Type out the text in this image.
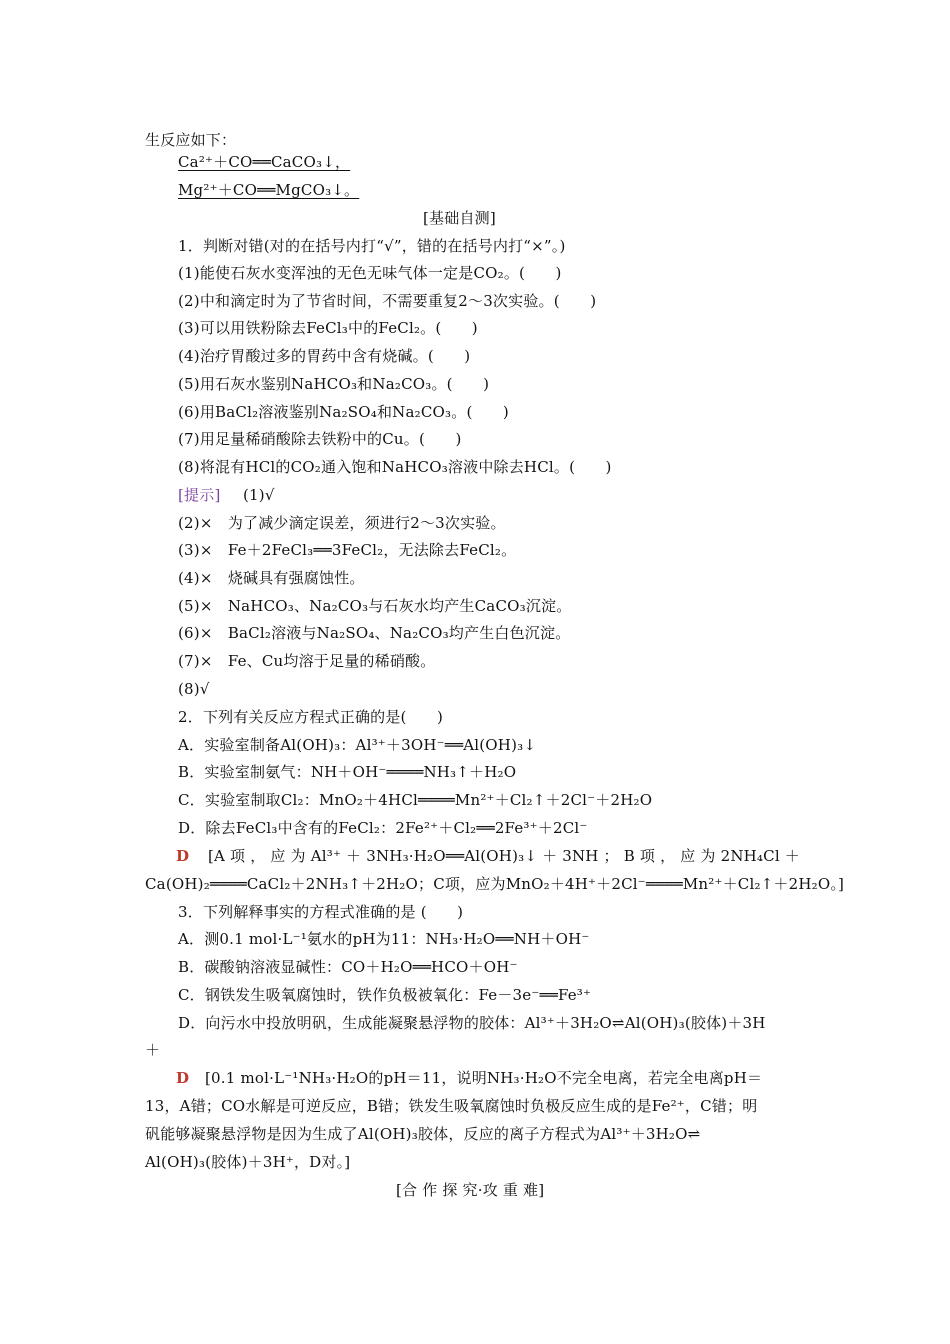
生反应如下：
Ca²⁺＋CO══CaCO₃↓，
Mg²⁺＋CO══MgCO₃↓。
[基础自测]
1．判断对错(对的在括号内打“√”，错的在括号内打“×”。)
(1)能使石灰水变浑浊的无色无味气体一定是CO₂。(　　)
(2)中和滴定时为了节省时间，不需要重复2～3次实验。(　　)
(3)可以用铁粉除去FeCl₃中的FeCl₂。(　　)
(4)治疗胃酸过多的胃药中含有烧碱。(　　)
(5)用石灰水鉴别NaHCO₃和Na₂CO₃。(　　)
(6)用BaCl₂溶液鉴别Na₂SO₄和Na₂CO₃。(　　)
(7)用足量稀硝酸除去铁粉中的Cu。(　　)
(8)将混有HCl的CO₂通入饱和NaHCO₃溶液中除去HCl。(　　)
[提示] (1)√
(2)×　为了减少滴定误差，须进行2～3次实验。
(3)×　Fe＋2FeCl₃══3FeCl₂，无法除去FeCl₂。
(4)×　烧碱具有强腐蚀性。
(5)×　NaHCO₃、Na₂CO₃与石灰水均产生CaCO₃沉淀。
(6)×　BaCl₂溶液与Na₂SO₄、Na₂CO₃均产生白色沉淀。
(7)×　Fe、Cu均溶于足量的稀硝酸。
(8)√
2．下列有关反应方程式正确的是(　　)
A．实验室制备Al(OH)₃：Al³⁺＋3OH⁻══Al(OH)₃↓
B．实验室制氨气：NH＋OH⁻════NH₃↑＋H₂O
C．实验室制取Cl₂：MnO₂＋4HCl════Mn²⁺＋Cl₂↑＋2Cl⁻＋2H₂O
D．除去FeCl₃中含有的FeCl₂：2Fe²⁺＋Cl₂══2Fe³⁺＋2Cl⁻
D [A 项 ， 应 为 Al³⁺ ＋ 3NH₃·H₂O══Al(OH)₃↓ ＋ 3NH ； B 项 ， 应 为 2NH₄Cl ＋
Ca(OH)₂════CaCl₂＋2NH₃↑＋2H₂O；C项，应为MnO₂＋4H⁺＋2Cl⁻════Mn²⁺＋Cl₂↑＋2H₂O。]
3．下列解释事实的方程式准确的是 (　　)
A．测0.1 mol·L⁻¹氨水的pH为11：NH₃·H₂O══NH＋OH⁻
B．碳酸钠溶液显碱性：CO＋H₂O══HCO＋OH⁻
C．钢铁发生吸氧腐蚀时，铁作负极被氧化：Fe－3e⁻══Fe³⁺
D．向污水中投放明矾，生成能凝聚悬浮物的胶体：Al³⁺＋3H₂O⇌Al(OH)₃(胶体)＋3H
＋
D [0.1 mol·L⁻¹NH₃·H₂O的pH＝11，说明NH₃·H₂O不完全电离，若完全电离pH＝
13，A错；CO水解是可逆反应，B错；铁发生吸氧腐蚀时负极反应生成的是Fe²⁺，C错；明
矾能够凝聚悬浮物是因为生成了Al(OH)₃胶体，反应的离子方程式为Al³⁺＋3H₂O⇌
Al(OH)₃(胶体)＋3H⁺，D对。]
[合 作 探 究·攻 重 难]
